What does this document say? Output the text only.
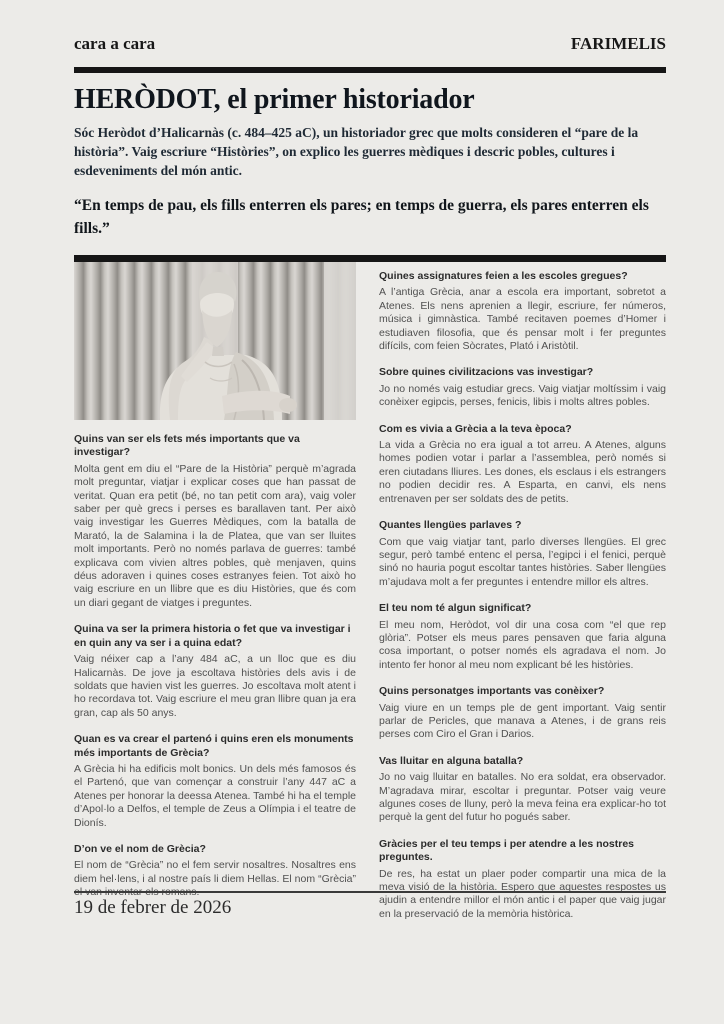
cara a cara	FARIMELIS
HERÒDOT, el primer historiador

Sóc Heròdot d’Halicarnàs (c. 484–425 aC), un historiador grec que molts consideren el “pare de la història”. Vaig escriure “Històries”, on explico les guerres mèdiques i descric pobles, cultures i esdeveniments del món antic.

“En temps de pau, els fills enterren els pares; en temps de guerra, els pares enterren els fills.”

Quins van ser els fets més importants que va investigar?
Molta gent em diu el “Pare de la Història” perquè m’agrada molt preguntar, viatjar i explicar coses que han passat de veritat. Quan era petit (bé, no tan petit com ara), vaig voler saber per què grecs i perses es barallaven tant. Per això vaig investigar les Guerres Mèdiques, com la batalla de Marató, la de Salamina i la de Platea, que van ser lluites molt importants. Però no només parlava de guerres: també explicava com vivien altres pobles, què menjaven, quins déus adoraven i quines coses estranyes feien. Tot això ho vaig escriure en un llibre que es diu Històries, que és com un diari gegant de viatges i preguntes.
Quina va ser la primera historia o fet que va investigar i en quin any va ser i a quina edat?
Vaig néixer cap a l’any 484 aC, a un lloc que es diu Halicarnàs. De jove ja escoltava històries dels avis i de soldats que havien vist les guerres. Jo escoltava molt atent i ho recordava tot. Vaig escriure el meu gran llibre quan ja era gran, cap als 50 anys.
Quan es va crear el partenó i quins eren els monuments més importants de Grècia?
A Grècia hi ha edificis molt bonics. Un dels més famosos és el Partenó, que van començar a construir l’any 447 aC a Atenes per honorar la deessa Atenea. També hi ha el temple d’Apol·lo a Delfos, el temple de Zeus a Olímpia i el teatre de Dionís.
D’on ve el nom de Grècia?
El nom de “Grècia” no el fem servir nosaltres. Nosaltres ens diem hel·lens, i al nostre país li diem Hellas. El nom “Grècia” el van inventar els romans.
Quines assignatures feien a les escoles gregues?
A l’antiga Grècia, anar a escola era important, sobretot a Atenes. Els nens aprenien a llegir, escriure, fer números, música i gimnàstica. També recitaven poemes d’Homer i estudiaven filosofia, que és pensar molt i fer preguntes difícils, com feien Sòcrates, Plató i Aristòtil.
Sobre quines civilitzacions vas investigar?
Jo no només vaig estudiar grecs. Vaig viatjar moltíssim i vaig conèixer egipcis, perses, fenicis, libis i molts altres pobles.
Com es vivia a Grècia a la teva època?
La vida a Grècia no era igual a tot arreu. A Atenes, alguns homes podien votar i parlar a l’assemblea, però només si eren ciutadans lliures. Les dones, els esclaus i els estrangers no podien decidir res. A Esparta, en canvi, els nens entrenaven per ser soldats des de petits.
Quantes llengües parlaves ?
Com que vaig viatjar tant, parlo diverses llengües. El grec segur, però també entenc el persa, l’egipci i el fenici, perquè sinó no hauria pogut escoltar tantes històries. Saber llengües m’ajudava molt a fer preguntes i entendre millor els altres.
El teu nom té algun significat?
El meu nom, Heròdot, vol dir una cosa com “el que rep glòria”. Potser els meus pares pensaven que faria alguna cosa important, o potser només els agradava el nom. Jo intento fer honor al meu nom explicant bé les històries.
Quins personatges importants vas conèixer?
Vaig viure en un temps ple de gent important. Vaig sentir parlar de Pericles, que manava a Atenes, i de grans reis perses com Ciro el Gran i Darios.
Vas lluitar en alguna batalla?
Jo no vaig lluitar en batalles. No era soldat, era observador. M’agradava mirar, escoltar i preguntar. Potser vaig veure algunes coses de lluny, però la meva feina era explicar-ho tot perquè la gent del futur ho pogués saber.
Gràcies per el teu temps i per atendre a les nostres preguntes.
De res, ha estat un plaer poder compartir una mica de la meva visió de la història. Espero que aquestes respostes us ajudin a entendre millor el món antic i el paper que vaig jugar en la preservació de la memòria històrica.
19 de febrer de 2026
